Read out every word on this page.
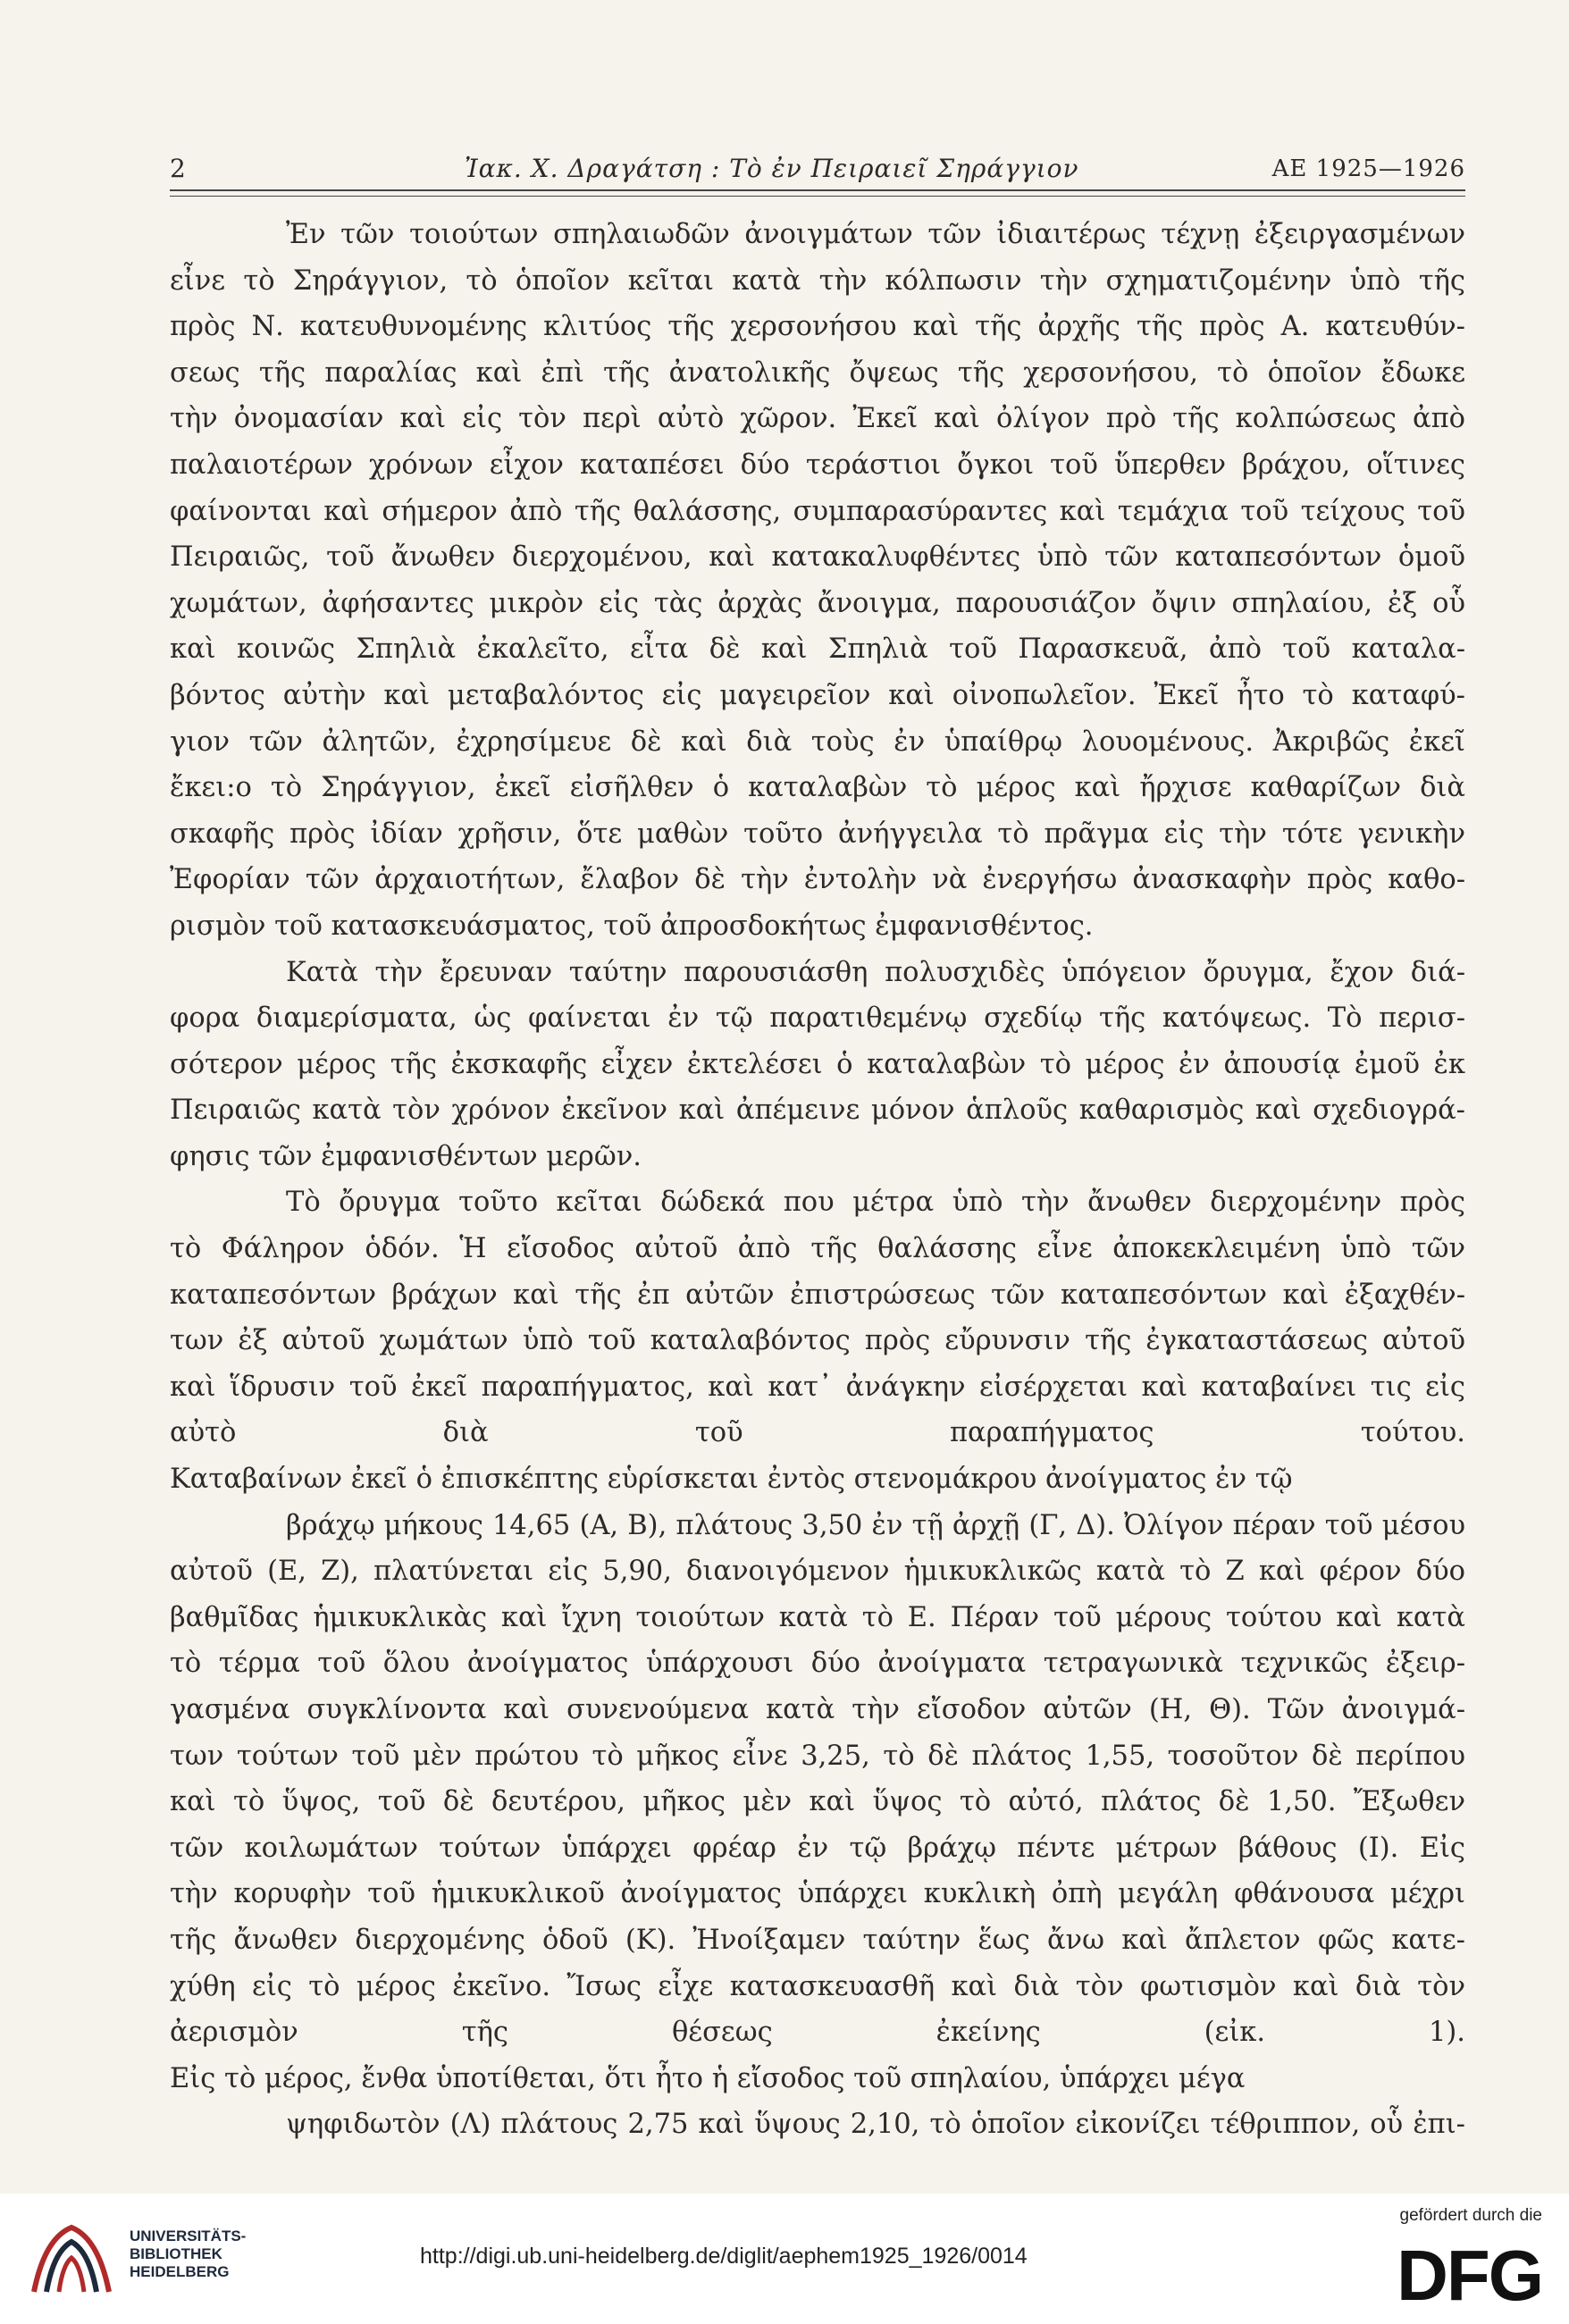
2	Ἰακ. Χ. Δραγάτση : Τὸ ἐν Πειραιεῖ Σηράγγιον	ΑΕ 1925—1926
Ἐν τῶν τοιούτων σπηλαιωδῶν ἀνοιγμάτων τῶν ἰδιαιτέρως τέχνῃ ἐξειργασμένων
εἶνε τὸ Σηράγγιον, τὸ ὁποῖον κεῖται κατὰ τὴν κόλπωσιν τὴν σχηματιζομένην ὑπὸ τῆς
πρὸς Ν. κατευθυνομένης κλιτύος τῆς χερσονήσου καὶ τῆς ἀρχῆς τῆς πρὸς Α. κατευθύν-
σεως τῆς παραλίας καὶ ἐπὶ τῆς ἀνατολικῆς ὄψεως τῆς χερσονήσου, τὸ ὁποῖον ἔδωκε
τὴν ὀνομασίαν καὶ εἰς τὸν περὶ αὐτὸ χῶρον. Ἐκεῖ καὶ ὀλίγον πρὸ τῆς κολπώσεως ἀπὸ
παλαιοτέρων χρόνων εἶχον καταπέσει δύο τεράστιοι ὄγκοι τοῦ ὕπερθεν βράχου, οἵτινες
φαίνονται καὶ σήμερον ἀπὸ τῆς θαλάσσης, συμπαρασύραντες καὶ τεμάχια τοῦ τείχους τοῦ
Πειραιῶς, τοῦ ἄνωθεν διερχομένου, καὶ κατακαλυφθέντες ὑπὸ τῶν καταπεσόντων ὁμοῦ
χωμάτων, ἀφήσαντες μικρὸν εἰς τὰς ἀρχὰς ἄνοιγμα, παρουσιάζον ὄψιν σπηλαίου, ἐξ οὗ
καὶ κοινῶς Σπηλιὰ ἐκαλεῖτο, εἶτα δὲ καὶ Σπηλιὰ τοῦ Παρασκευᾶ, ἀπὸ τοῦ καταλα-
βόντος αὐτὴν καὶ μεταβαλόντος εἰς μαγειρεῖον καὶ οἰνοπωλεῖον. Ἐκεῖ ἦτο τὸ καταφύ-
γιον τῶν ἀλητῶν, ἐχρησίμευε δὲ καὶ διὰ τοὺς ἐν ὑπαίθρῳ λουομένους. Ἀκριβῶς ἐκεῖ
ἔκει:ο τὸ Σηράγγιον, ἐκεῖ εἰσῆλθεν ὁ καταλαβὼν τὸ μέρος καὶ ἤρχισε καθαρίζων διὰ
σκαφῆς πρὸς ἰδίαν χρῆσιν, ὅτε μαθὼν τοῦτο ἀνήγγειλα τὸ πρᾶγμα εἰς τὴν τότε γενικὴν
Ἐφορίαν τῶν ἀρχαιοτήτων, ἔλαβον δὲ τὴν ἐντολὴν νὰ ἐνεργήσω ἀνασκαφὴν πρὸς καθο-
ρισμὸν τοῦ κατασκευάσματος, τοῦ ἀπροσδοκήτως ἐμφανισθέντος.
Κατὰ τὴν ἔρευναν ταύτην παρουσιάσθη πολυσχιδὲς ὑπόγειον ὄρυγμα, ἔχον διά-
φορα διαμερίσματα, ὡς φαίνεται ἐν τῷ παρατιθεμένῳ σχεδίῳ τῆς κατόψεως. Τὸ περισ-
σότερον μέρος τῆς ἐκσκαφῆς εἶχεν ἐκτελέσει ὁ καταλαβὼν τὸ μέρος ἐν ἀπουσίᾳ ἐμοῦ ἐκ
Πειραιῶς κατὰ τὸν χρόνον ἐκεῖνον καὶ ἀπέμεινε μόνον ἁπλοῦς καθαρισμὸς καὶ σχεδιογρά-
φησις τῶν ἐμφανισθέντων μερῶν.
Τὸ ὄρυγμα τοῦτο κεῖται δώδεκά που μέτρα ὑπὸ τὴν ἄνωθεν διερχομένην πρὸς
τὸ Φάληρον ὁδόν. Ἡ εἴσοδος αὐτοῦ ἀπὸ τῆς θαλάσσης εἶνε ἀποκεκλειμένη ὑπὸ τῶν
καταπεσόντων βράχων καὶ τῆς ἐπ αὐτῶν ἐπιστρώσεως τῶν καταπεσόντων καὶ ἐξαχθέν-
των ἐξ αὐτοῦ χωμάτων ὑπὸ τοῦ καταλαβόντος πρὸς εὔρυνσιν τῆς ἐγκαταστάσεως αὐτοῦ
καὶ ἵδρυσιν τοῦ ἐκεῖ παραπήγματος, καὶ κατ᾽ ἀνάγκην εἰσέρχεται καὶ καταβαίνει τις εἰς
αὐτὸ διὰ τοῦ παραπήγματος τούτου.
Καταβαίνων ἐκεῖ ὁ ἐπισκέπτης εὑρίσκεται ἐντὸς στενομάκρου ἀνοίγματος ἐν τῷ
βράχῳ μήκους 14,65 (Α, Β), πλάτους 3,50 ἐν τῇ ἀρχῇ (Γ, Δ). Ὀλίγον πέραν τοῦ μέσου
αὐτοῦ (Ε, Ζ), πλατύνεται εἰς 5,90, διανοιγόμενον ἡμικυκλικῶς κατὰ τὸ Ζ καὶ φέρον δύο
βαθμῖδας ἡμικυκλικὰς καὶ ἴχνη τοιούτων κατὰ τὸ Ε. Πέραν τοῦ μέρους τούτου καὶ κατὰ
τὸ τέρμα τοῦ ὅλου ἀνοίγματος ὑπάρχουσι δύο ἀνοίγματα τετραγωνικὰ τεχνικῶς ἐξειρ-
γασμένα συγκλίνοντα καὶ συνενούμενα κατὰ τὴν εἴσοδον αὐτῶν (Η, Θ). Τῶν ἀνοιγμά-
των τούτων τοῦ μὲν πρώτου τὸ μῆκος εἶνε 3,25, τὸ δὲ πλάτος 1,55, τοσοῦτον δὲ περίπου
καὶ τὸ ὕψος, τοῦ δὲ δευτέρου, μῆκος μὲν καὶ ὕψος τὸ αὐτό, πλάτος δὲ 1,50. Ἔξωθεν
τῶν κοιλωμάτων τούτων ὑπάρχει φρέαρ ἐν τῷ βράχῳ πέντε μέτρων βάθους (Ι). Εἰς
τὴν κορυφὴν τοῦ ἡμικυκλικοῦ ἀνοίγματος ὑπάρχει κυκλικὴ ὀπὴ μεγάλη φθάνουσα μέχρι
τῆς ἄνωθεν διερχομένης ὁδοῦ (Κ). Ἠνοίξαμεν ταύτην ἕως ἄνω καὶ ἄπλετον φῶς κατε-
χύθη εἰς τὸ μέρος ἐκεῖνο. Ἴσως εἶχε κατασκευασθῆ καὶ διὰ τὸν φωτισμὸν καὶ διὰ τὸν
ἀερισμὸν τῆς θέσεως ἐκείνης (εἰκ. 1).
Εἰς τὸ μέρος, ἔνθα ὑποτίθεται, ὅτι ἦτο ἡ εἴσοδος τοῦ σπηλαίου, ὑπάρχει μέγα
ψηφιδωτὸν (Λ) πλάτους 2,75 καὶ ὕψους 2,10, τὸ ὁποῖον εἰκονίζει τέθριππον, οὗ ἐπι-
UNIVERSITÄTS-
BIBLIOTHEK
HEIDELBERG
http://digi.ub.uni-heidelberg.de/diglit/aephem1925_1926/0014
gefördert durch die
DFG
